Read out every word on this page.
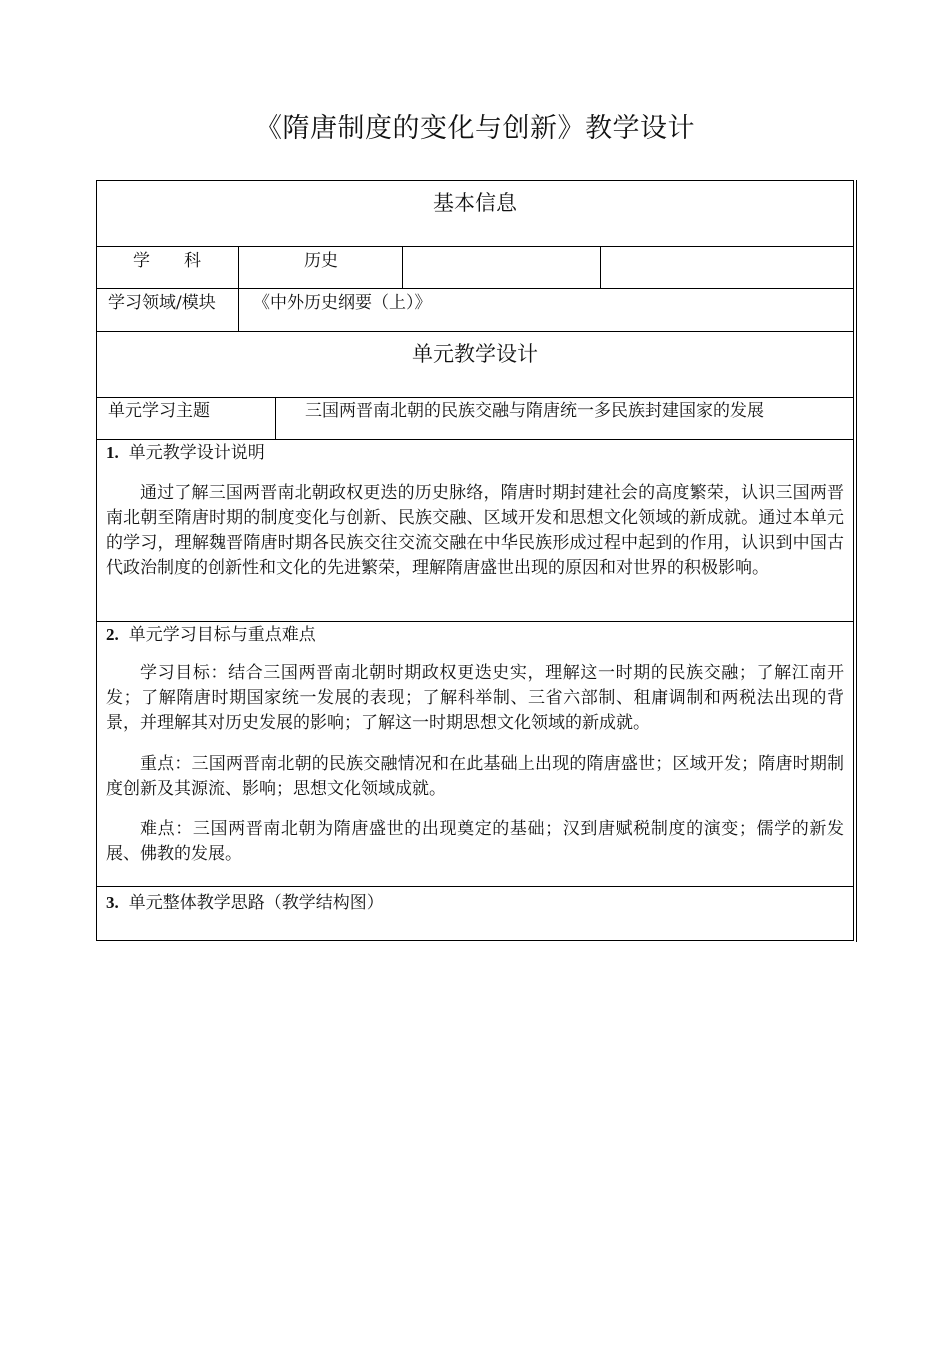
《隋唐制度的变化与创新》教学设计
基本信息
学　　科	历史
学习领域/模块 《中外历史纲要（上）》
单元教学设计
单元学习主题	三国两晋南北朝的民族交融与隋唐统一多民族封建国家的发展
1. 单元教学设计说明
通过了解三国两晋南北朝政权更迭的历史脉络，隋唐时期封建社会的高度繁荣，认识三国两晋南北朝至隋唐时期的制度变化与创新、民族交融、区域开发和思想文化领域的新成就。通过本单元的学习，理解魏晋隋唐时期各民族交往交流交融在中华民族形成过程中起到的作用，认识到中国古代政治制度的创新性和文化的先进繁荣，理解隋唐盛世出现的原因和对世界的积极影响。
2. 单元学习目标与重点难点
学习目标：结合三国两晋南北朝时期政权更迭史实，理解这一时期的民族交融；了解江南开发；了解隋唐时期国家统一发展的表现；了解科举制、三省六部制、租庸调制和两税法出现的背景，并理解其对历史发展的影响；了解这一时期思想文化领域的新成就。
重点：三国两晋南北朝的民族交融情况和在此基础上出现的隋唐盛世；区域开发；隋唐时期制度创新及其源流、影响；思想文化领域成就。
难点：三国两晋南北朝为隋唐盛世的出现奠定的基础；汉到唐赋税制度的演变；儒学的新发展、佛教的发展。
3. 单元整体教学思路（教学结构图）
